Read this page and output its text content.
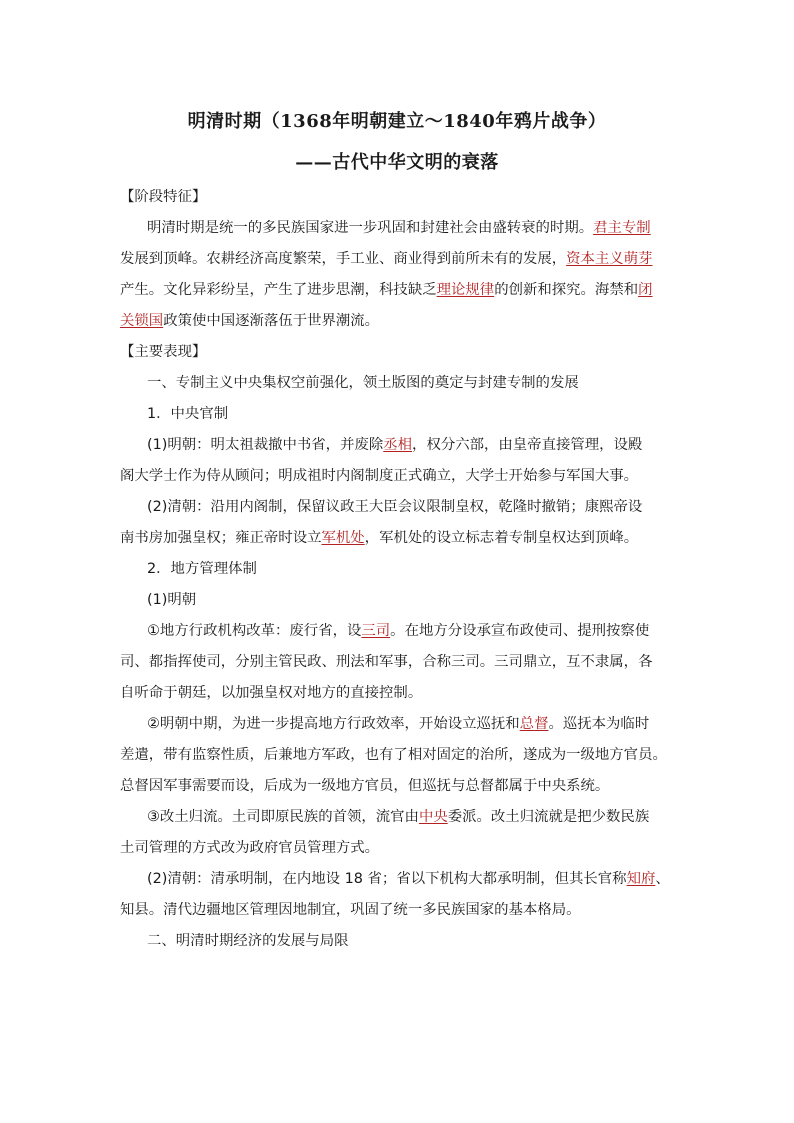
明清时期（1368年明朝建立～1840年鸦片战争）
——古代中华文明的衰落
【阶段特征】
明清时期是统一的多民族国家进一步巩固和封建社会由盛转衰的时期。君主专制
发展到顶峰。农耕经济高度繁荣，手工业、商业得到前所未有的发展，资本主义萌芽
产生。文化异彩纷呈，产生了进步思潮，科技缺乏理论规律的创新和探究。海禁和闭
关锁国政策使中国逐渐落伍于世界潮流。
【主要表现】
一、专制主义中央集权空前强化，领土版图的奠定与封建专制的发展
1．中央官制
(1)明朝：明太祖裁撤中书省，并废除丞相，权分六部，由皇帝直接管理，设殿
阁大学士作为侍从顾问；明成祖时内阁制度正式确立，大学士开始参与军国大事。
(2)清朝：沿用内阁制，保留议政王大臣会议限制皇权，乾隆时撤销；康熙帝设
南书房加强皇权；雍正帝时设立军机处，军机处的设立标志着专制皇权达到顶峰。
2．地方管理体制
(1)明朝
①地方行政机构改革：废行省，设三司。在地方分设承宣布政使司、提刑按察使
司、都指挥使司，分别主管民政、刑法和军事，合称三司。三司鼎立，互不隶属，各
自听命于朝廷，以加强皇权对地方的直接控制。
②明朝中期，为进一步提高地方行政效率，开始设立巡抚和总督。巡抚本为临时
差遣，带有监察性质，后兼地方军政，也有了相对固定的治所，遂成为一级地方官员。
总督因军事需要而设，后成为一级地方官员，但巡抚与总督都属于中央系统。
③改土归流。土司即原民族的首领，流官由中央委派。改土归流就是把少数民族
土司管理的方式改为政府官员管理方式。
(2)清朝：清承明制，在内地设 18 省；省以下机构大都承明制，但其长官称知府、
知县。清代边疆地区管理因地制宜，巩固了统一多民族国家的基本格局。
二、明清时期经济的发展与局限
